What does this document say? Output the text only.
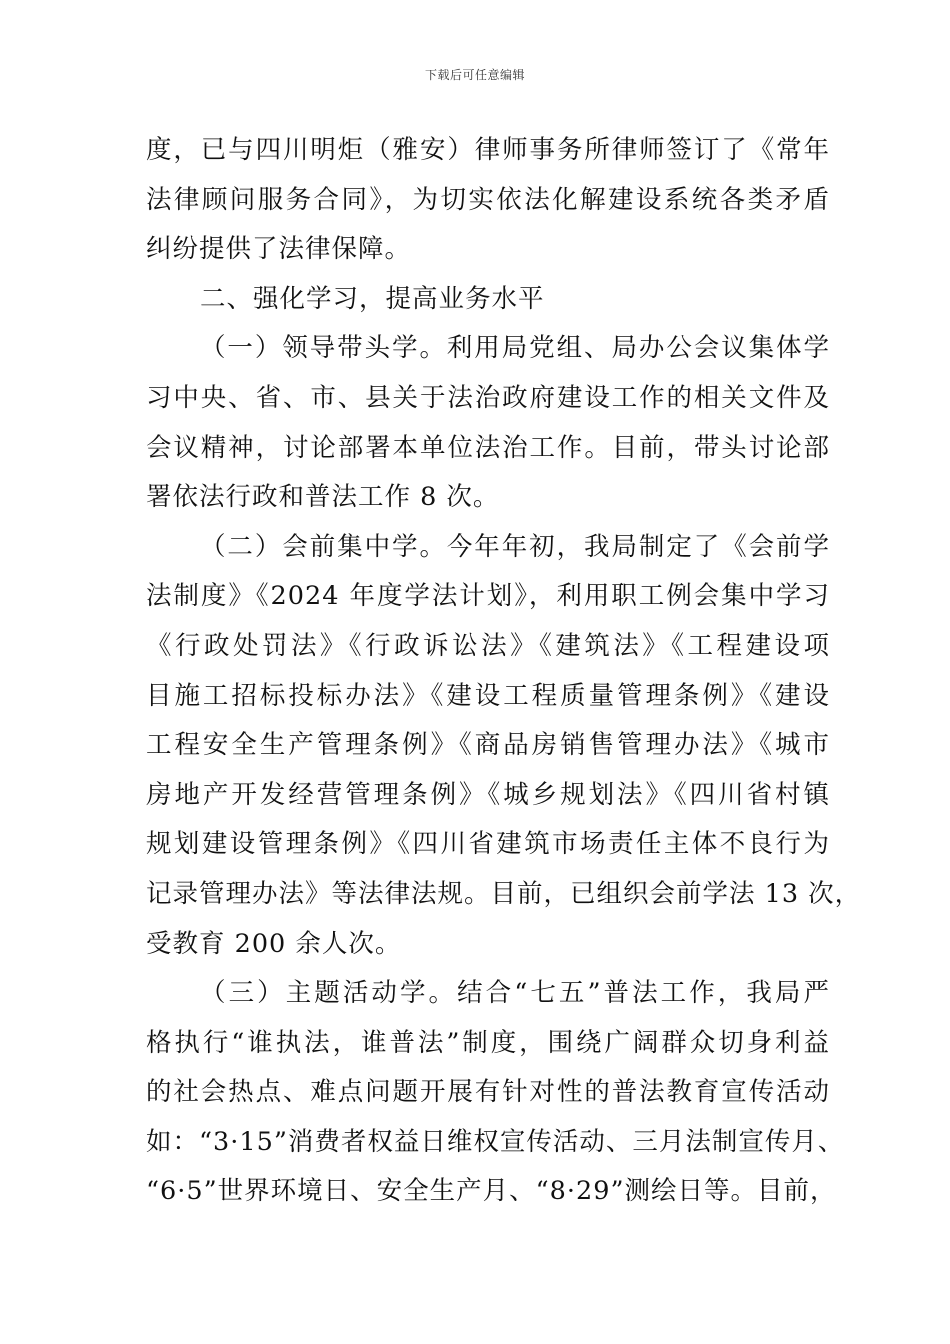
下载后可任意编辑
度，已与四川明炬（雅安）律师事务所律师签订了《常年
法律顾问服务合同》，为切实依法化解建设系统各类矛盾
纠纷提供了法律保障。
二、强化学习，提高业务水平
（一）领导带头学。利用局党组、局办公会议集体学
习中央、省、市、县关于法治政府建设工作的相关文件及
会议精神，讨论部署本单位法治工作。目前，带头讨论部
署依法行政和普法工作 8 次。
（二）会前集中学。今年年初，我局制定了《会前学
法制度》《2024 年度学法计划》，利用职工例会集中学习
《行政处罚法》《行政诉讼法》《建筑法》《工程建设项
目施工招标投标办法》《建设工程质量管理条例》《建设
工程安全生产管理条例》《商品房销售管理办法》《城市
房地产开发经营管理条例》《城乡规划法》《四川省村镇
规划建设管理条例》《四川省建筑市场责任主体不良行为
记录管理办法》等法律法规。目前，已组织会前学法 13 次，
受教育 200 余人次。
（三）主题活动学。结合“七五”普法工作，我局严
格执行“谁执法，谁普法”制度，围绕广阔群众切身利益
的社会热点、难点问题开展有针对性的普法教育宣传活动
如：“3·15”消费者权益日维权宣传活动、三月法制宣传月、
“6·5”世界环境日、安全生产月、“8·29”测绘日等。目前，
